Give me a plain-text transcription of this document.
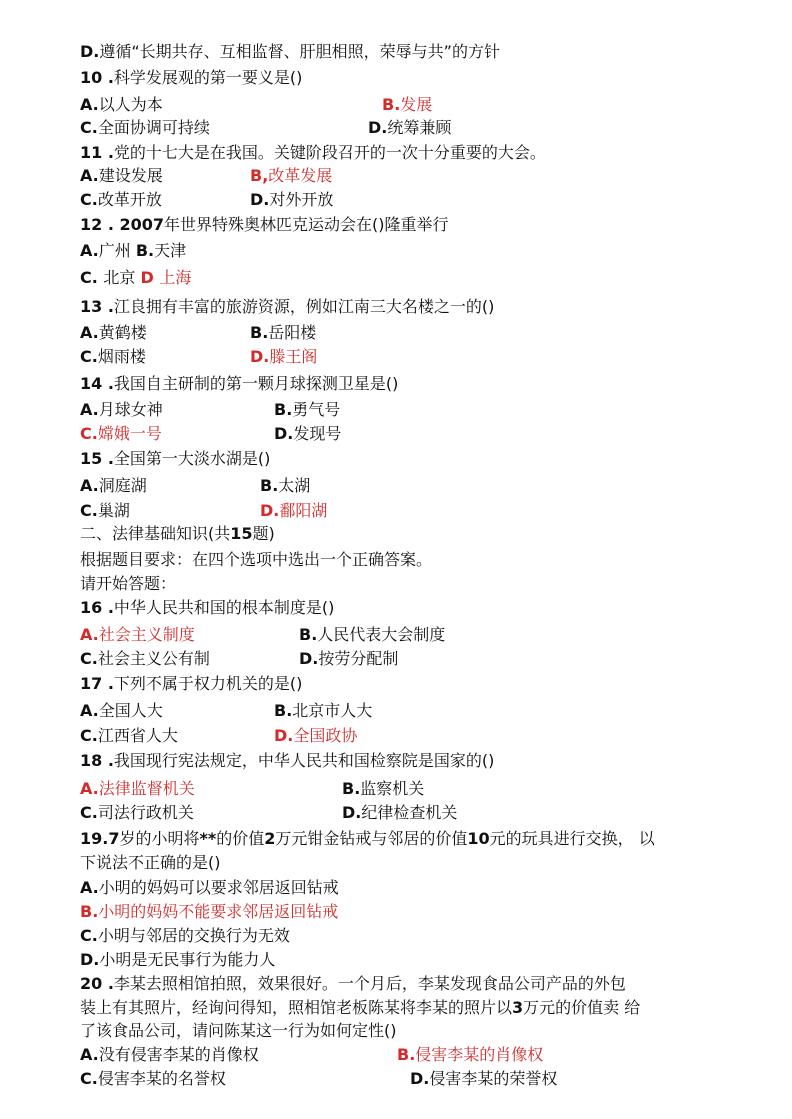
D.遵循“长期共存、互相监督、肝胆相照，荣辱与共”的方针
10 .科学发展观的第一要义是()
A.以人为本	B.发展
C.全面协调可持续	D.统筹兼顾
11 .党的十七大是在我国。关键阶段召开的一次十分重要的大会。
A.建设发展	B,改革发展
C.改革开放	D.对外开放
12 . 2007年世界特殊奥林匹克运动会在()隆重举行
A.广州 B.天津
C. 北京 D 上海
13 .江良拥有丰富的旅游资源，例如江南三大名楼之一的()
A.黄鹤楼	B.岳阳楼
C.烟雨楼	D.滕王阁
14 .我国自主研制的第一颗月球探测卫星是()
A.月球女神	B.勇气号
C.嫦娥一号	D.发现号
15 .全国第一大淡水湖是()
A.洞庭湖	B.太湖
C.巢湖	D.鄱阳湖
二、法律基础知识(共15题)
根据题目要求：在四个选项中选出一个正确答案。
请开始答题：
16 .中华人民共和国的根本制度是()
A.社会主义制度	B.人民代表大会制度
C.社会主义公有制	D.按劳分配制
17 .下列不属于权力机关的是()
A.全国人大	B.北京市人大
C.江西省人大	D.全国政协
18 .我国现行宪法规定，中华人民共和国检察院是国家的()
A.法律监督机关	B.监察机关
C.司法行政机关	D.纪律检查机关
19.7岁的小明将**的价值2万元钳金钻戒与邻居的价值10元的玩具进行交换， 以
下说法不正确的是()
A.小明的妈妈可以要求邻居返回钻戒
B.小明的妈妈不能要求邻居返回钻戒
C.小明与邻居的交换行为无效
D.小明是无民事行为能力人
20 .李某去照相馆拍照，效果很好。一个月后，李某发现食品公司产品的外包
装上有其照片，经询问得知，照相馆老板陈某将李某的照片以3万元的价值卖 给
了该食品公司，请问陈某这一行为如何定性()
A.没有侵害李某的肖像权	B.侵害李某的肖像权
C.侵害李某的名誉权	D.侵害李某的荣誉权
